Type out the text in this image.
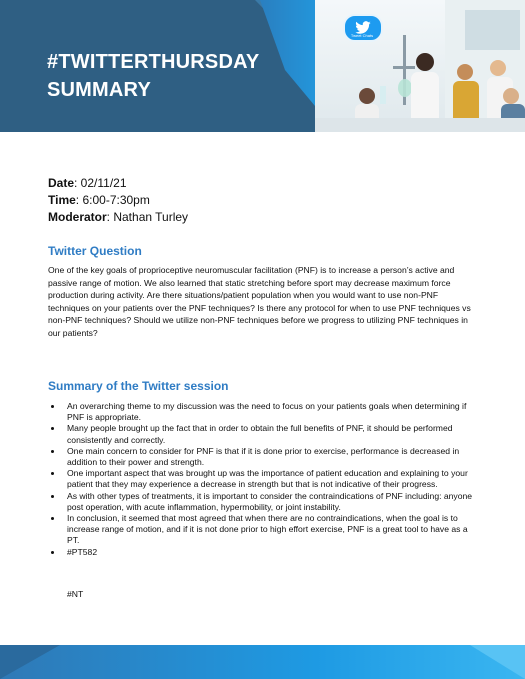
Tweet Chats
#TWITTERTHURSDAY
SUMMARY
Date: 02/11/21
Time: 6:00-7:30pm
Moderator: Nathan Turley
Twitter Question
One of the key goals of proprioceptive neuromuscular facilitation (PNF) is to increase a person’s active and passive range of motion. We also learned that static stretching before sport may decrease maximum force production during activity. Are there situations/patient population when you would want to use non-PNF techniques on your patients over the PNF techniques? Is there any protocol for when to use PNF techniques vs non-PNF techniques? Should we utilize non-PNF techniques before we progress to utilizing PNF techniques in our patients?
Summary of the Twitter session
An overarching theme to my discussion was the need to focus on your patients goals when determining if PNF is appropriate.
Many people brought up the fact that in order to obtain the full benefits of PNF, it should be performed consistently and correctly.
One main concern to consider for PNF is that if it is done prior to exercise, performance is decreased in addition to their power and strength.
One important aspect that was brought up was the importance of patient education and explaining to your patient that they may experience a decrease in strength but that is not indicative of their progress.
As with other types of treatments, it is important to consider the contraindications of PNF including: anyone post operation, with acute inflammation, hypermobility, or joint instability.
In conclusion, it seemed that most agreed that when there are no contraindications, when the goal is to increase range of motion, and if it is not done prior to high effort exercise, PNF is a great tool to have as a PT.
#PT582
#NT
